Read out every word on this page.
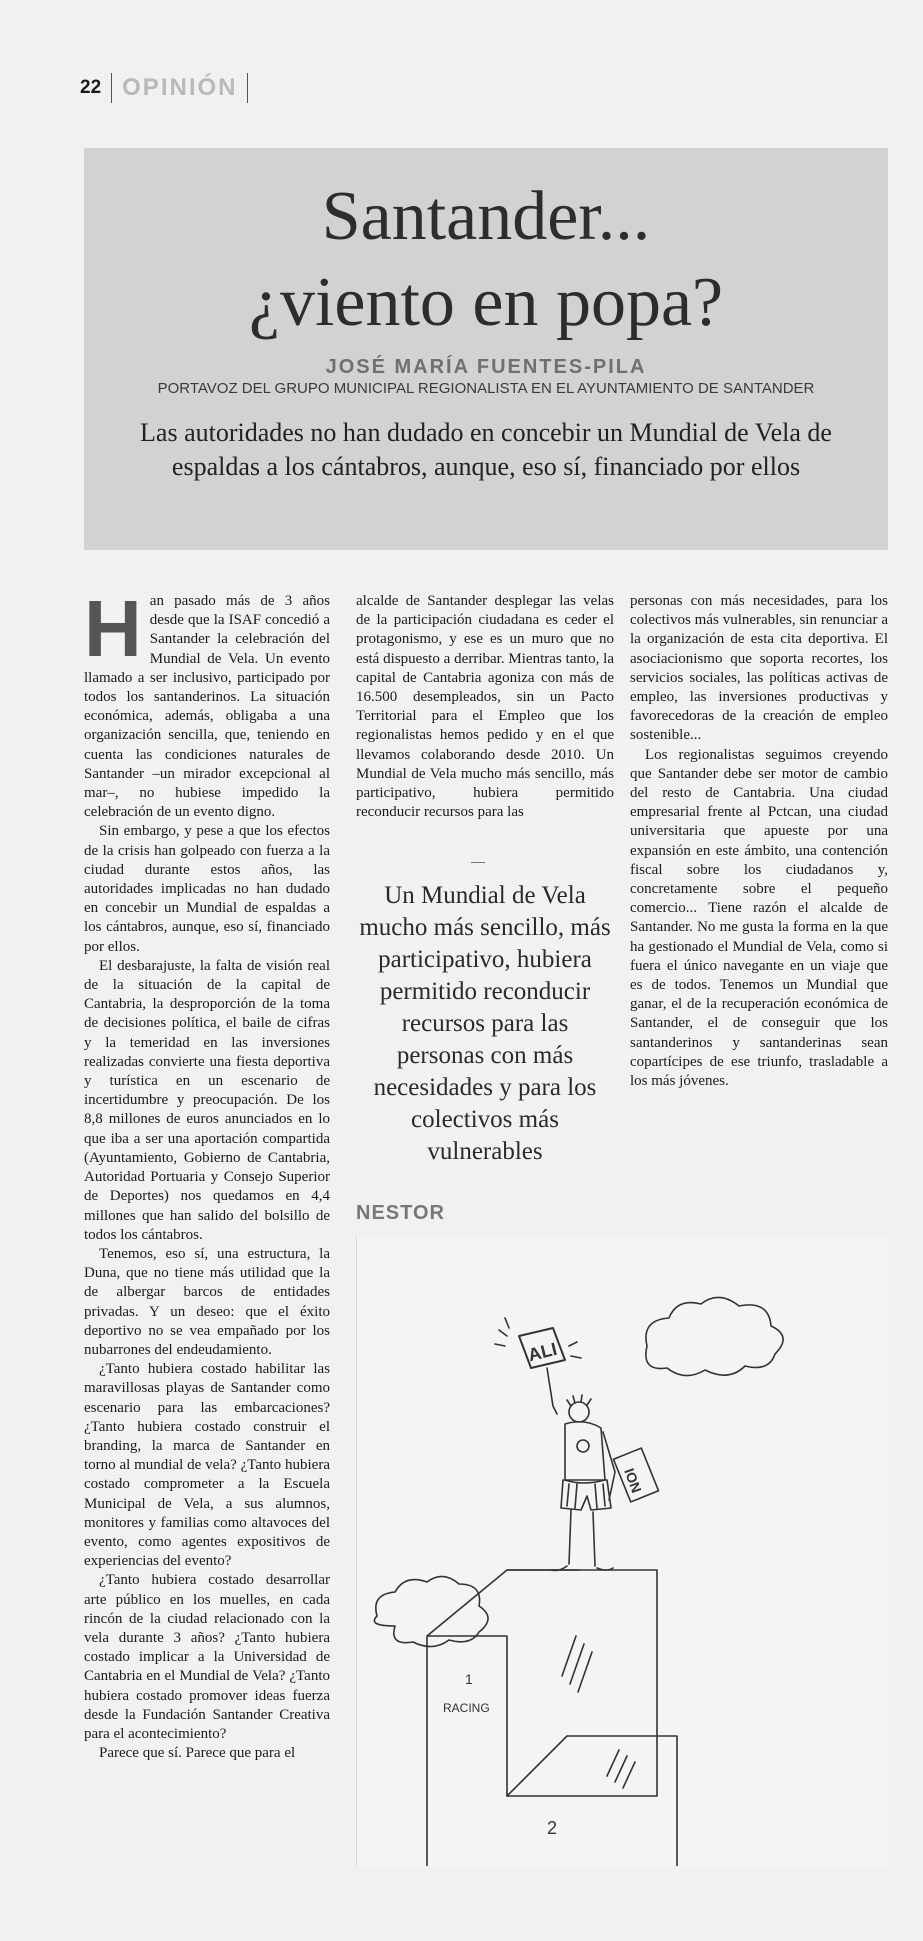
22 OPINIÓN
Santander...
¿viento en popa?
JOSÉ MARÍA FUENTES-PILA
PORTAVOZ DEL GRUPO MUNICIPAL REGIONALISTA EN EL AYUNTAMIENTO DE SANTANDER
Las autoridades no han dudado en concebir un Mundial de Vela de espaldas a los cántabros, aunque, eso sí, financiado por ellos

Han pasado más de 3 años desde que la ISAF concedió a Santander la celebración del Mundial de Vela. Un evento llamado a ser inclusivo, participado por todos los santanderinos. La situación económica, además, obligaba a una organización sencilla, que, teniendo en cuenta las condiciones naturales de Santander –un mirador excepcional al mar–, no hubiese impedido la celebración de un evento digno.

Sin embargo, y pese a que los efectos de la crisis han golpeado con fuerza a la ciudad durante estos años, las autoridades implicadas no han dudado en concebir un Mundial de espaldas a los cántabros, aunque, eso sí, financiado por ellos.

El desbarajuste, la falta de visión real de la situación de la capital de Cantabria, la desproporción de la toma de decisiones política, el baile de cifras y la temeridad en las inversiones realizadas convierte una fiesta deportiva y turística en un escenario de incertidumbre y preocupación. De los 8,8 millones de euros anunciados en lo que iba a ser una aportación compartida (Ayuntamiento, Gobierno de Cantabria, Autoridad Portuaria y Consejo Superior de Deportes) nos quedamos en 4,4 millones que han salido del bolsillo de todos los cántabros.

Tenemos, eso sí, una estructura, la Duna, que no tiene más utilidad que la de albergar barcos de entidades privadas. Y un deseo: que el éxito deportivo no se vea empañado por los nubarrones del endeudamiento.

¿Tanto hubiera costado habilitar las maravillosas playas de Santander como escenario para las embarcaciones? ¿Tanto hubiera costado construir el branding, la marca de Santander en torno al mundial de vela? ¿Tanto hubiera costado comprometer a la Escuela Municipal de Vela, a sus alumnos, monitores y familias como altavoces del evento, como agentes expositivos de experiencias del evento?

¿Tanto hubiera costado desarrollar arte público en los muelles, en cada rincón de la ciudad relacionado con la vela durante 3 años? ¿Tanto hubiera costado implicar a la Universidad de Cantabria en el Mundial de Vela? ¿Tanto hubiera costado promover ideas fuerza desde la Fundación Santander Creativa para el acontecimiento?

Parece que sí. Parece que para el

alcalde de Santander desplegar las velas de la participación ciudadana es ceder el protagonismo, y ese es un muro que no está dispuesto a derribar. Mientras tanto, la capital de Cantabria agoniza con más de 16.500 desempleados, sin un Pacto Territorial para el Empleo que los regionalistas hemos pedido y en el que llevamos colaborando desde 2010. Un Mundial de Vela mucho más sencillo, más participativo, hubiera permitido reconducir recursos para las

Un Mundial de Vela mucho más sencillo, más participativo, hubiera permitido reconducir recursos para las personas con más necesidades y para los colectivos más vulnerables

personas con más necesidades, para los colectivos más vulnerables, sin renunciar a la organización de esta cita deportiva. El asociacionismo que soporta recortes, los servicios sociales, las políticas activas de empleo, las inversiones productivas y favorecedoras de la creación de empleo sostenible...

Los regionalistas seguimos creyendo que Santander debe ser motor de cambio del resto de Cantabria. Una ciudad empresarial frente al Pctcan, una ciudad universitaria que apueste por una expansión en este ámbito, una contención fiscal sobre los ciudadanos y, concretamente sobre el pequeño comercio... Tiene razón el alcalde de Santander. No me gusta la forma en la que ha gestionado el Mundial de Vela, como si fuera el único navegante en un viaje que es de todos. Tenemos un Mundial que ganar, el de la recuperación económica de Santander, el de conseguir que los santanderinos y santanderinas sean copartícipes de ese triunfo, trasladable a los más jóvenes.

NESTOR
ALI
ION
1
RACING
2
